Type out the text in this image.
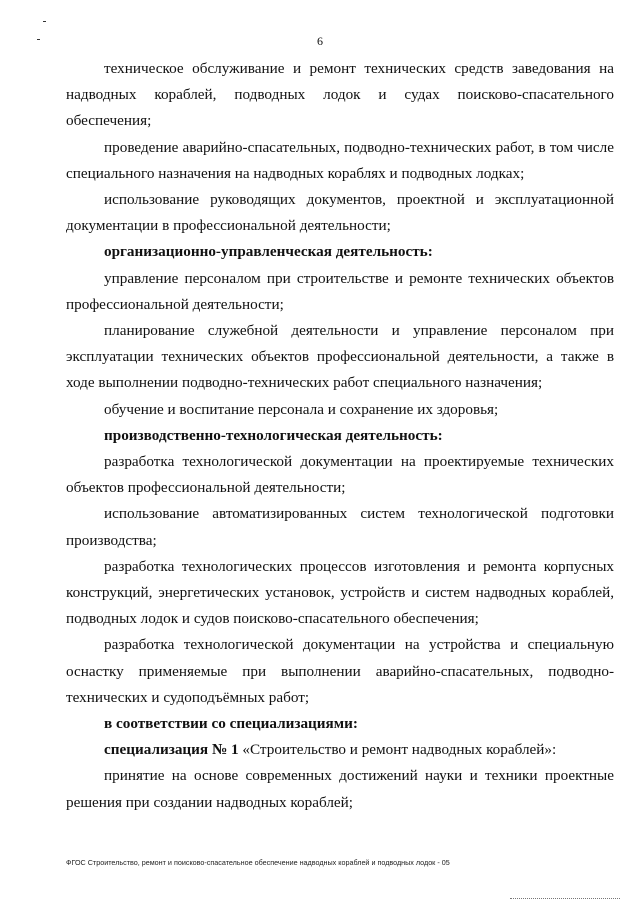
6

техническое обслуживание и ремонт технических средств заведования на надводных кораблей, подводных лодок и судах поисково-спасательного обеспечения;

проведение аварийно-спасательных, подводно-технических работ, в том числе специального назначения на надводных кораблях и подводных лодках;

использование руководящих документов, проектной и эксплуатационной документации в профессиональной деятельности;

организационно-управленческая деятельность:

управление персоналом при строительстве и ремонте технических объектов профессиональной деятельности;

планирование служебной деятельности и управление персоналом при эксплуатации технических объектов профессиональной деятельности, а также в ходе выполнении подводно-технических работ специального назначения;

обучение и воспитание персонала и сохранение их здоровья;

производственно-технологическая деятельность:

разработка технологической документации на проектируемые технических объектов профессиональной деятельности;

использование автоматизированных систем технологической подготовки производства;

разработка технологических процессов изготовления и ремонта корпусных конструкций, энергетических установок, устройств и систем надводных кораблей, подводных лодок и судов поисково-спасательного обеспечения;

разработка технологической документации на устройства и специальную оснастку применяемые при выполнении аварийно-спасательных, подводно-технических и судоподъёмных работ;

в соответствии со специализациями:

специализация № 1 «Строительство и ремонт надводных кораблей»:

принятие на основе современных достижений науки и техники проектные решения при создании надводных кораблей;

ФГОС Строительство, ремонт и поисково-спасательное обеспечение надводных кораблей и подводных лодок - 05
